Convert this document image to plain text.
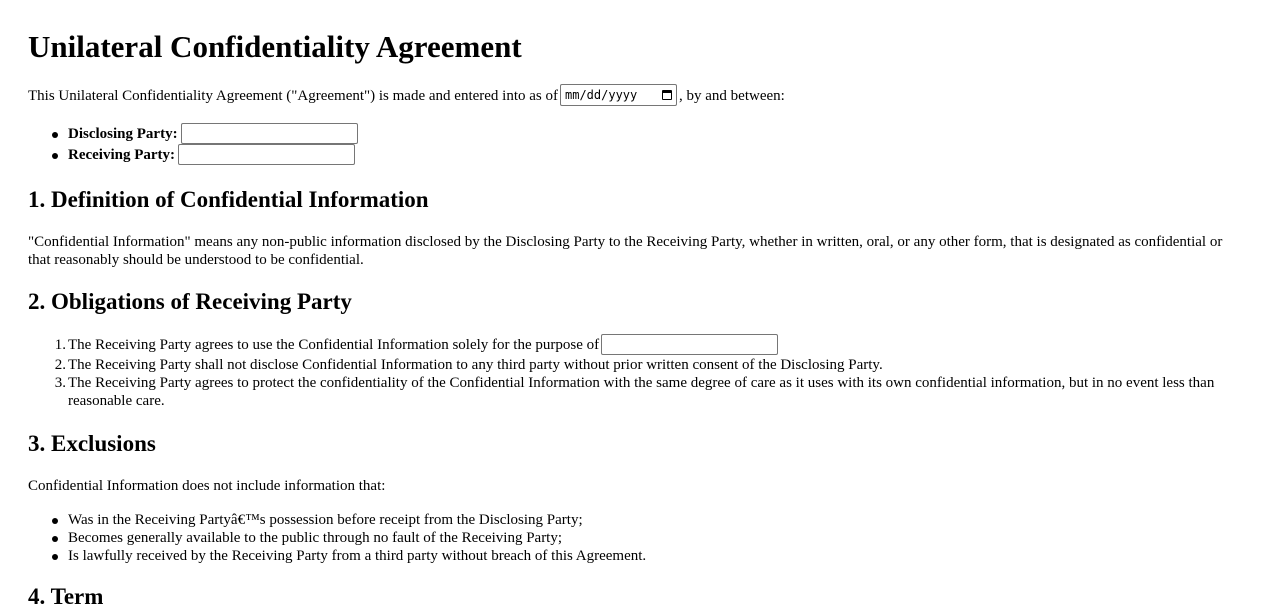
Unilateral Confidentiality Agreement

This Unilateral Confidentiality Agreement ("Agreement") is made and entered into as of mm/dd/yyyy	, by and between:

Disclosing Party:
Receiving Party:
1. Definition of Confidential Information

"Confidential Information" means any non-public information disclosed by the Disclosing Party to the Receiving Party, whether in written, oral, or any other form, that is designated as confidential or that reasonably should be understood to be confidential.

2. Obligations of Receiving Party
1. The Receiving Party agrees to use the Confidential Information solely for the purpose of
2. The Receiving Party shall not disclose Confidential Information to any third party without prior written consent of the Disclosing Party.
3. The Receiving Party agrees to protect the confidentiality of the Confidential Information with the same degree of care as it uses with its own confidential information, but in no event less than reasonable care.
3. Exclusions

Confidential Information does not include information that:

Was in the Receiving Partyâ€™s possession before receipt from the Disclosing Party;
Becomes generally available to the public through no fault of the Receiving Party;
Is lawfully received by the Receiving Party from a third party without breach of this Agreement.
4. Term
